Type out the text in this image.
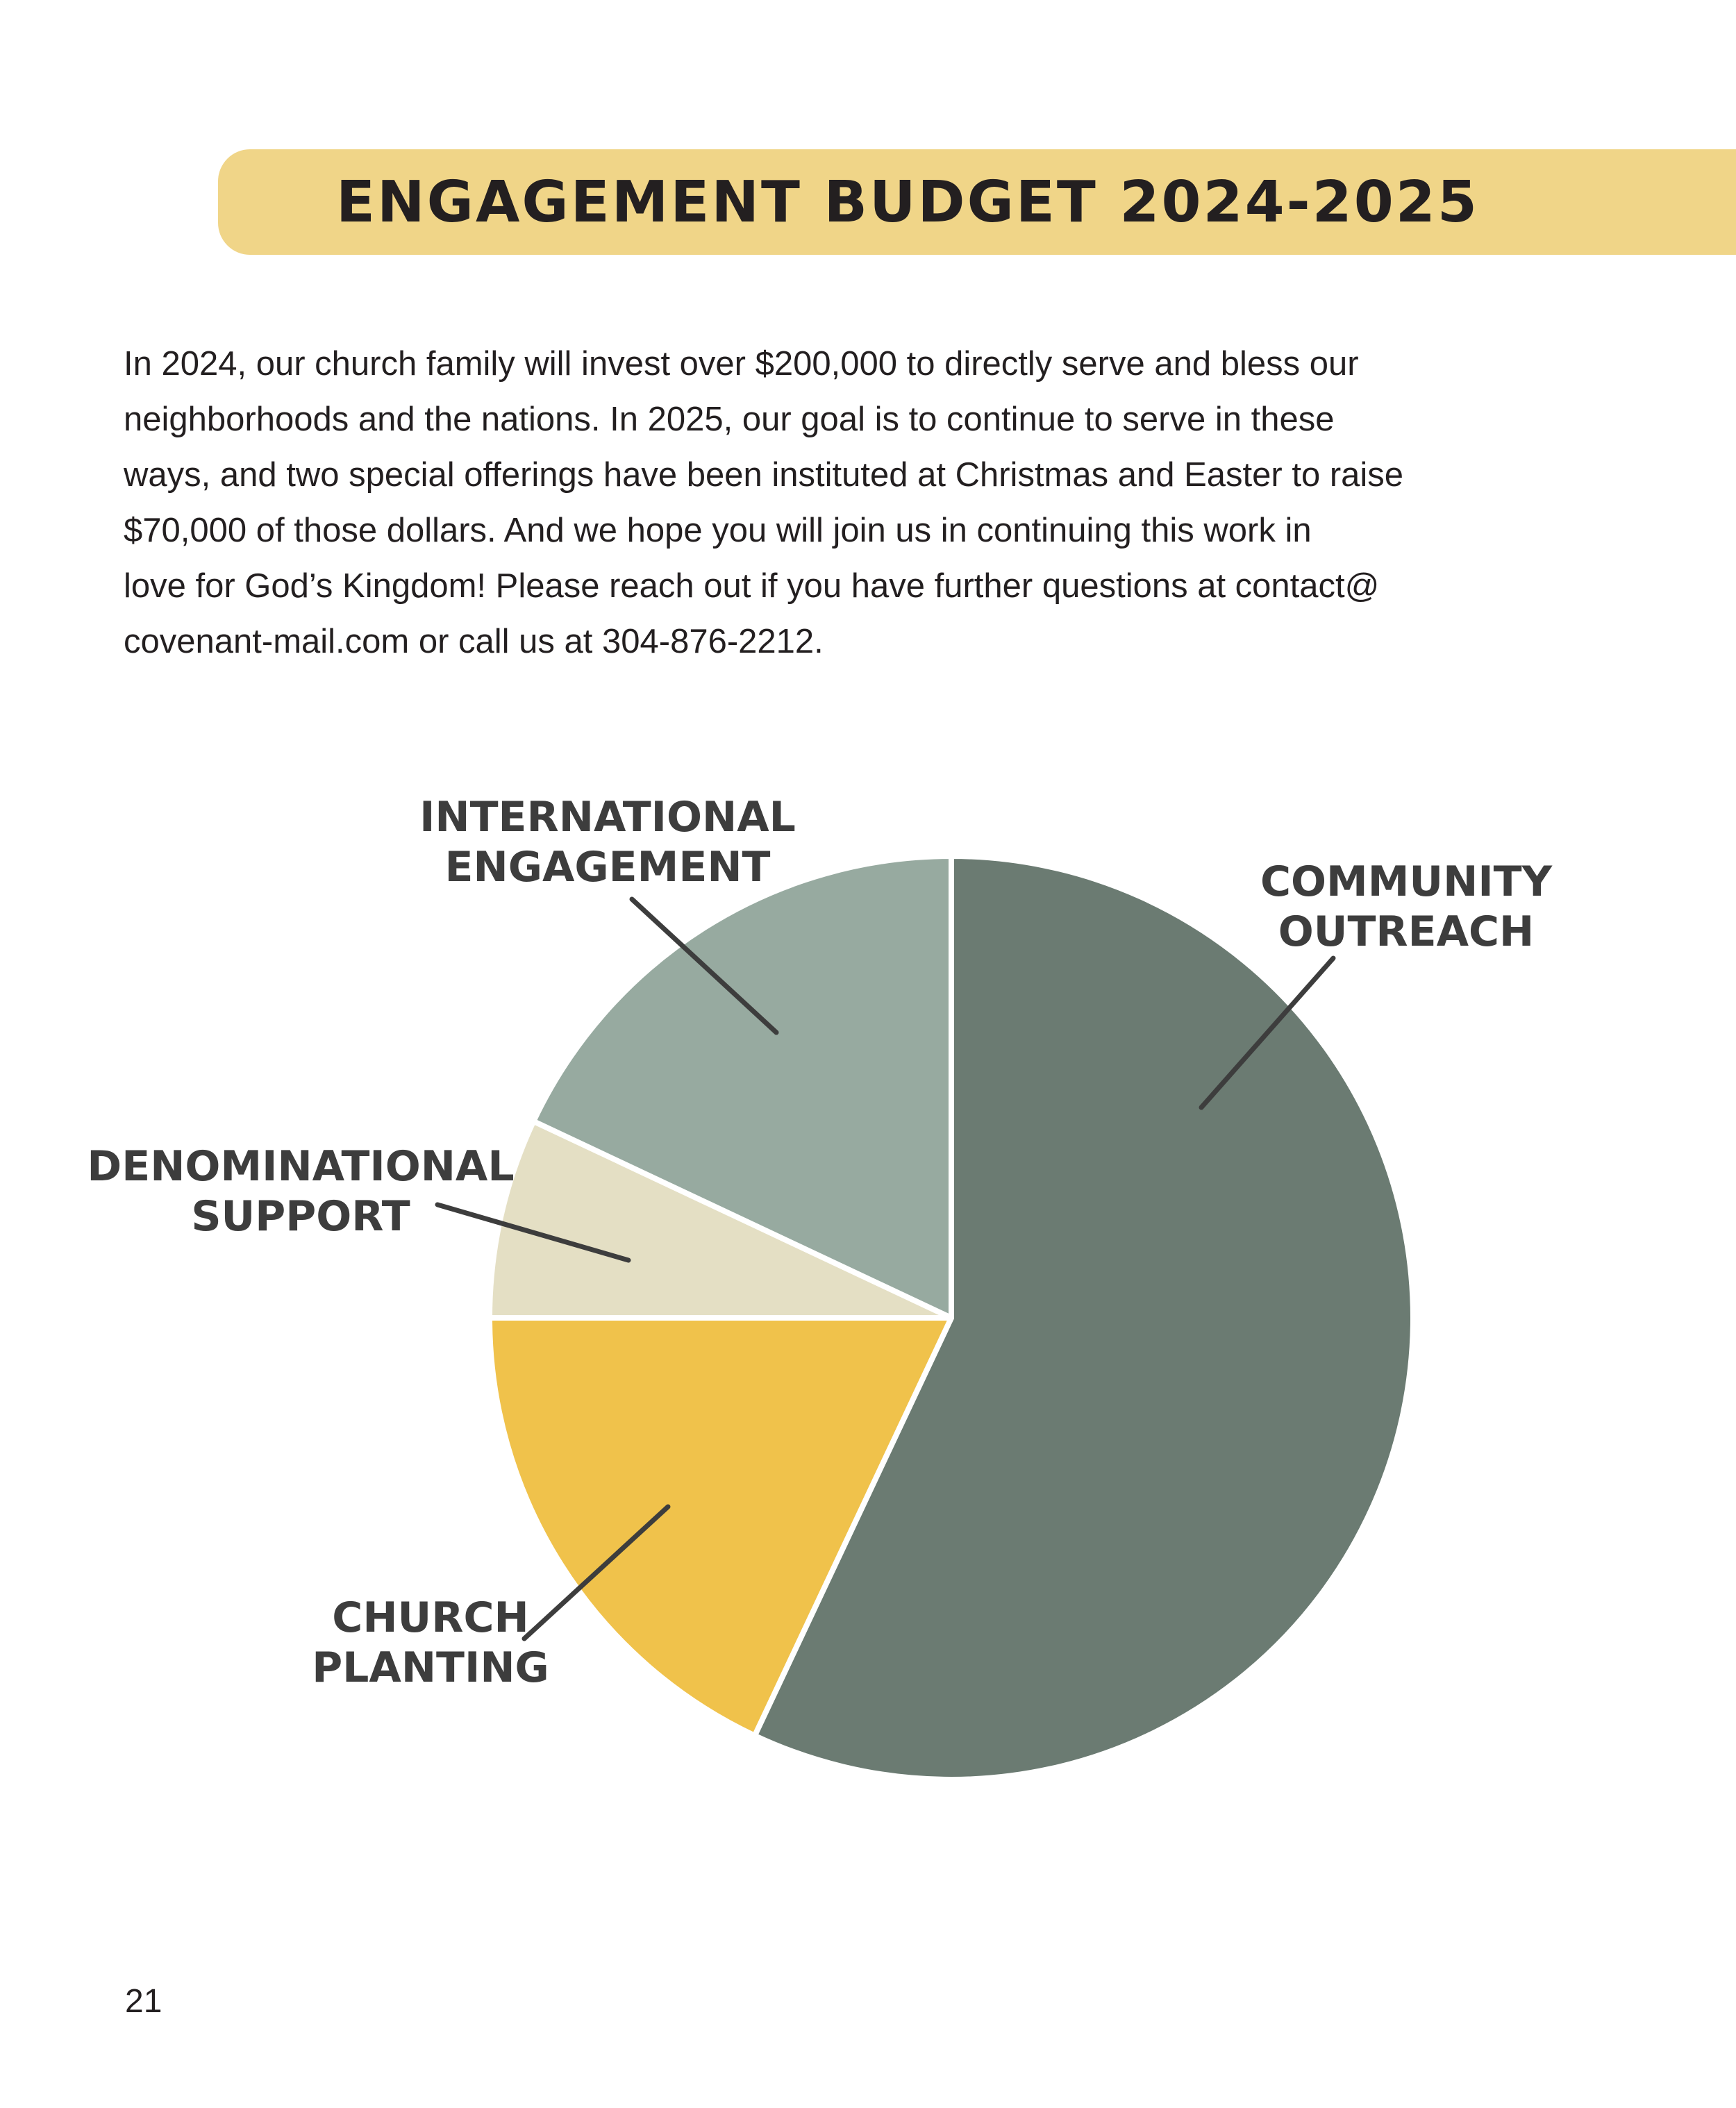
ENGAGEMENT BUDGET 2024-2025
In 2024, our church family will invest over $200,000 to directly serve and bless our
neighborhoods and the nations. In 2025, our goal is to continue to serve in these
ways, and two special offerings have been instituted at Christmas and Easter to raise
$70,000 of those dollars. And we hope you will join us in continuing this work in
love for God’s Kingdom! Please reach out if you have further questions at contact@
covenant-mail.com or call us at 304-876-2212.
COMMUNITY OUTREACH
CHURCH PLANTING
DENOMINATIONAL SUPPORT
INTERNATIONAL ENGAGEMENT
21
